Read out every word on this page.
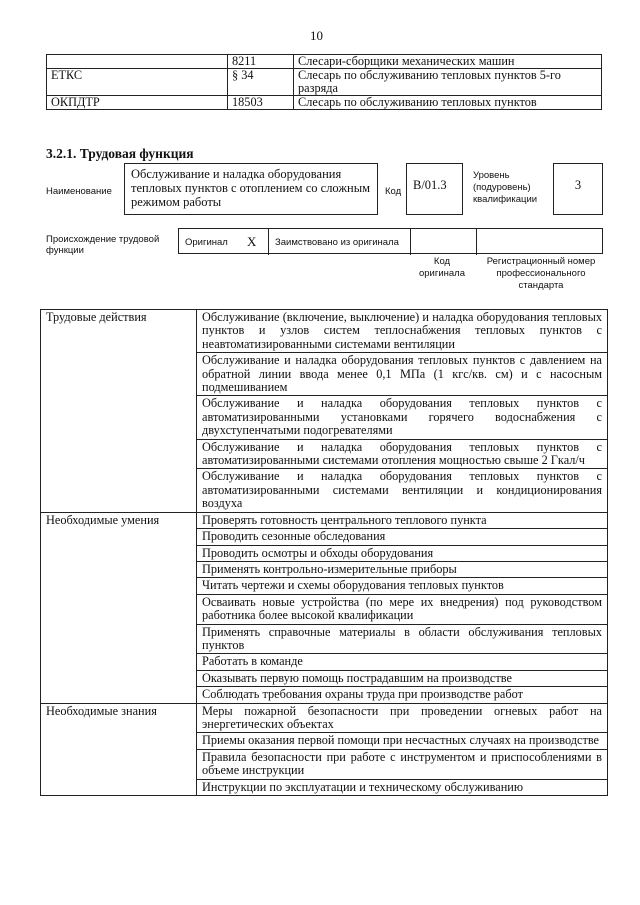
10
	8211	Слесари-сборщики механических машин
ЕТКС	§ 34	Слесарь по обслуживанию тепловых пунктов 5-го разряда
ОКПДТР	18503	Слесарь по обслуживанию тепловых пунктов
3.2.1. Трудовая функция
Наименование
Обслуживание и наладка оборудования тепловых пунктов с отоплением со сложным режимом работы
Код B/01.3
Уровень (подуровень) квалификации
3
Происхождение трудовой функции
Оригинал X Заимствовано из оригинала
Код оригинала
Регистрационный номер профессионального стандарта
Трудовые действия	Обслуживание (включение, выключение) и наладка оборудования тепловых пунктов и узлов систем теплоснабжения тепловых пунктов с неавтоматизированными системами вентиляции
	Обслуживание и наладка оборудования тепловых пунктов с давлением на обратной линии ввода менее 0,1 МПа (1 кгс/кв. см) и с насосным подмешиванием
	Обслуживание и наладка оборудования тепловых пунктов с автоматизированными установками горячего водоснабжения с двухступенчатыми подогревателями
	Обслуживание и наладка оборудования тепловых пунктов с автоматизированными системами отопления мощностью свыше 2 Гкал/ч
	Обслуживание и наладка оборудования тепловых пунктов с автоматизированными системами вентиляции и кондиционирования воздуха
Необходимые умения	Проверять готовность центрального теплового пункта
	Проводить сезонные обследования
	Проводить осмотры и обходы оборудования
	Применять контрольно-измерительные приборы
	Читать чертежи и схемы оборудования тепловых пунктов
	Осваивать новые устройства (по мере их внедрения) под руководством работника более высокой квалификации
	Применять справочные материалы в области обслуживания тепловых пунктов
	Работать в команде
	Оказывать первую помощь пострадавшим на производстве
	Соблюдать требования охраны труда при производстве работ
Необходимые знания	Меры пожарной безопасности при проведении огневых работ на энергетических объектах
	Приемы оказания первой помощи при несчастных случаях на производстве
	Правила безопасности при работе с инструментом и приспособлениями в объеме инструкции
	Инструкции по эксплуатации и техническому обслуживанию
